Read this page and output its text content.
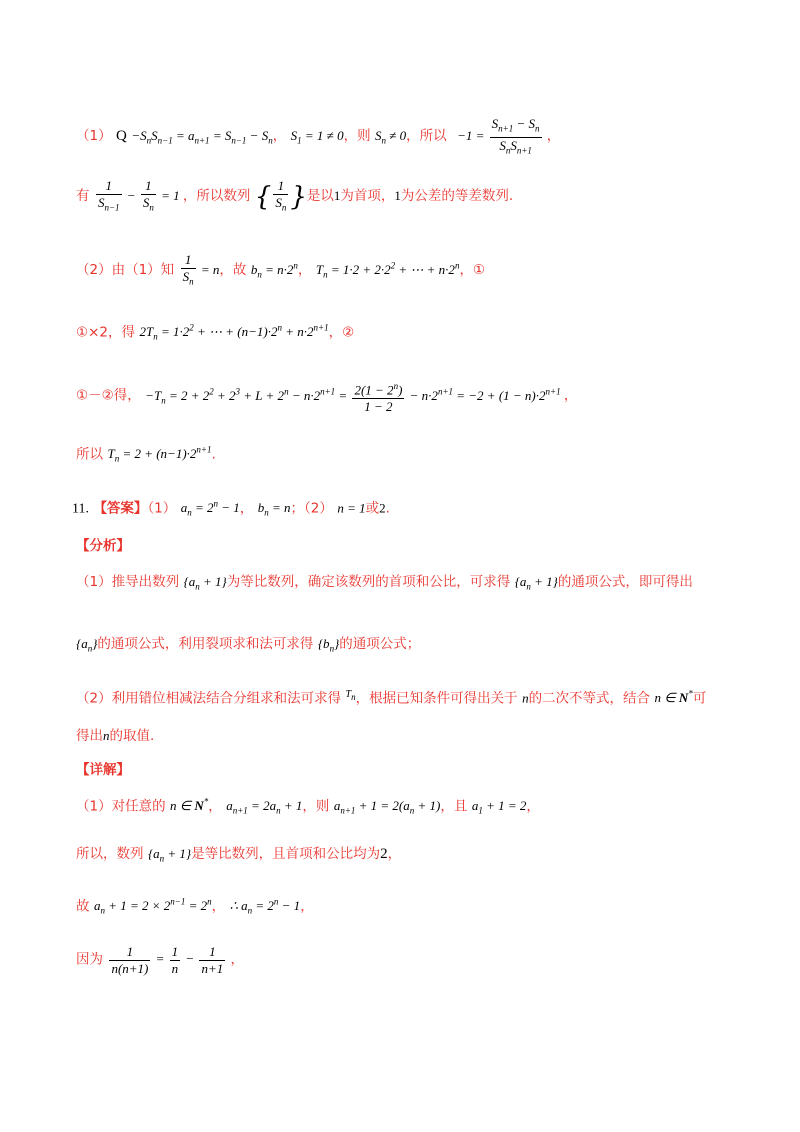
（1） $Q -S_nS_{n-1} = a_{n+1} = S_{n-1} - S_n$， $S_1 = 1 \ne 0$，则 $S_n \ne 0$，所以 $-1 = \frac{S_{n+1} - S_n}{S_nS_{n+1}}$ ，
有 $\frac{1}{S_{n-1}} - \frac{1}{S_n} = 1$ ，所以数列 { $\frac{1}{S_n}$ }是以1为首项，1为公差的等差数列.
（2）由（1）知 $\frac{1}{S_n} = n$，故 $b_n = n\cdot 2^n$， $T_n = 1\cdot 2 + 2\cdot 2^2$ + ⋯ + $n\cdot 2^n$，①
①×2，得 $2T_n = 1\cdot 2^2$ + ⋯ + $(n-1)\cdot 2^n + n\cdot 2^{n+1}$，②
①－②得， $-T_n = 2 + 2^2 + 2^3 + L + 2^n - n\cdot 2^{n+1} = \frac{2(1 - 2^n)}{1 - 2} - n\cdot 2^{n+1} = -2 + (1 - n)\cdot 2^{n+1}$ ，
所以 $T_n = 2 + (n-1)\cdot 2^{n+1}$.
11. 【答案】（1） $a_n = 2^n - 1$， $b_n = n$；（2） n = 1或2.
【分析】
（1）推导出数列 $\{a_n + 1\}$为等比数列，确定该数列的首项和公比，可求得 $\{a_n + 1\}$的通项公式，即可得出
$\{a_n\}$的通项公式，利用裂项求和法可求得 $\{b_n\}$的通项公式；
（2）利用错位相减法结合分组求和法可求得 $^{T_n}$，根据已知条件可得出关于 n的二次不等式，结合 n ∈ N*可
得出n的取值.
【详解】
（1）对任意的 n ∈ N*， $a_{n+1} = 2a_n + 1$，则 $a_{n+1} + 1 = 2(a_n + 1)$，且 $a_1 + 1 = 2$，
所以，数列 $\{a_n + 1\}$是等比数列，且首项和公比均为2，
故 $a_n + 1 = 2 \times 2^{n-1} = 2^n$， ∴ $a_n = 2^n - 1$，
因为 $\frac{1}{n(n+1)} = \frac{1}{n} - \frac{1}{n+1}$ ，
